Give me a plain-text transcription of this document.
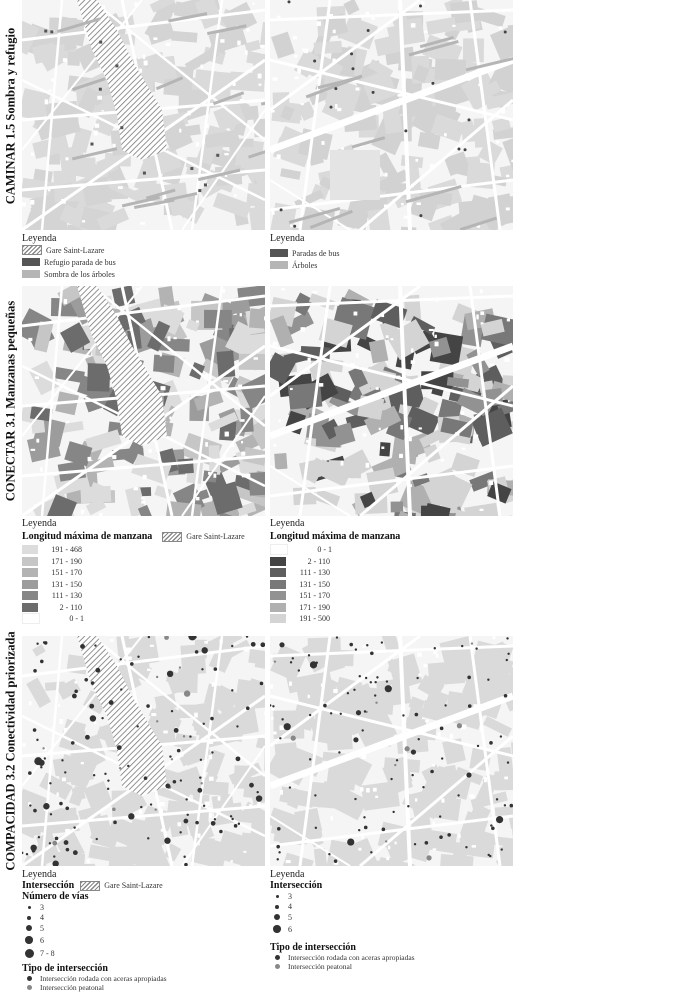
CAMINAR 1.5 Sombra y refugio
CONECTAR 3.1 Manzanas pequeñas
COMPACIDAD 3.2 Conectividad priorizada
Leyenda
Gare Saint-Lazare
Refugio parada de bus
Sombra de los árboles
Leyenda
Paradas de bus
Árboles
Leyenda
Longitud máxima de manzana	Gare Saint-Lazare
191 - 468
171 - 190
151 - 170
131 - 150
111 - 130
2 - 110
0 - 1
Leyenda
Longitud máxima de manzana
0 - 1
2 - 110
111 - 130
131 - 150
151 - 170
171 - 190
191 - 500
Leyenda
Intersección	Gare Saint-Lazare
Número de vías
3
4
5
6
7 - 8
Tipo de intersección
Intersección rodada con aceras apropiadas
Intersección peatonal
Leyenda
Intersección
3
4
5
6
Tipo de intersección
Intersección rodada con aceras apropiadas
Intersección peatonal
